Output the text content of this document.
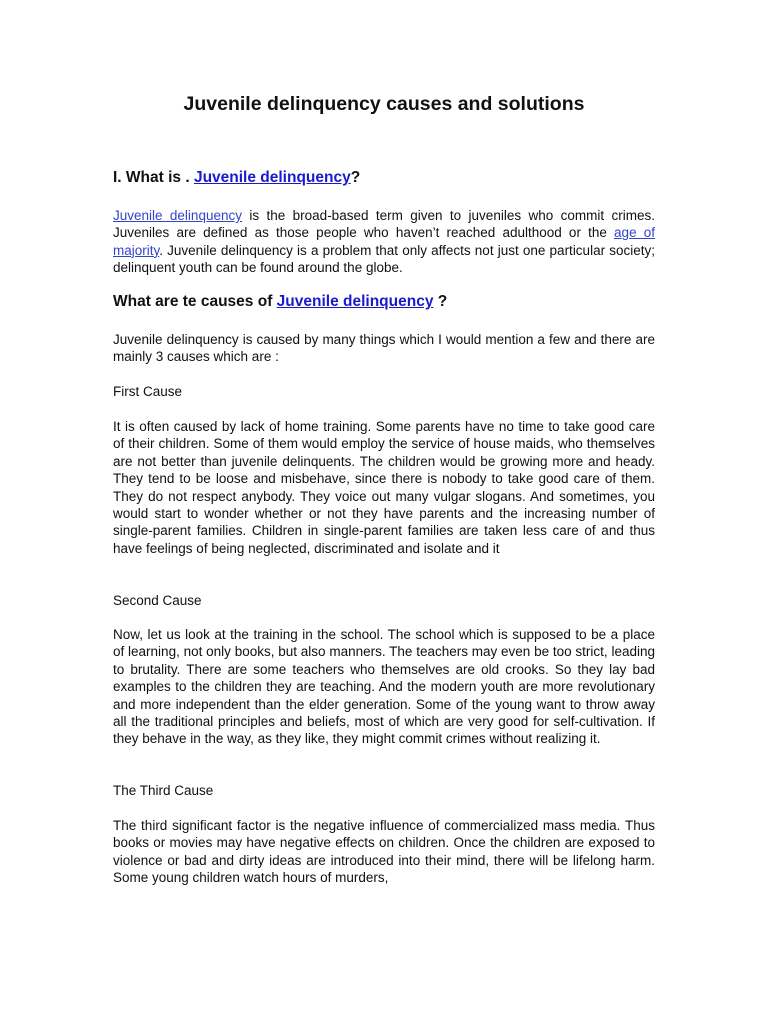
Juvenile delinquency causes and solutions
I. What is . Juvenile delinquency?

Juvenile delinquency is the broad-based term given to juveniles who commit crimes. Juveniles are defined as those people who haven’t reached adulthood or the age of majority. Juvenile delinquency is a problem that only affects not just one particular society; delinquent youth can be found around the globe.

What are te causes of Juvenile delinquency ?

Juvenile delinquency is caused by many things which I would mention a few and there are mainly 3 causes which are :

First Cause

It is often caused by lack of home training. Some parents have no time to take good care of their children. Some of them would employ the service of house maids, who themselves are not better than juvenile delinquents. The children would be growing more and heady. They tend to be loose and misbehave, since there is nobody to take good care of them. They do not respect anybody. They voice out many vulgar slogans. And sometimes, you would start to wonder whether or not they have parents and the increasing number of single-parent families. Children in single-parent families are taken less care of and thus have feelings of being neglected, discriminated and isolate and it

Second Cause

Now, let us look at the training in the school. The school which is supposed to be a place of learning, not only books, but also manners. The teachers may even be too strict, leading to brutality. There are some teachers who themselves are old crooks. So they lay bad examples to the children they are teaching. And the modern youth are more revolutionary and more independent than the elder generation. Some of the young want to throw away all the traditional principles and beliefs, most of which are very good for self-cultivation. If they behave in the way, as they like, they might commit crimes without realizing it.

The Third Cause

The third significant factor is the negative influence of commercialized mass media. Thus books or movies may have negative effects on children. Once the children are exposed to violence or bad and dirty ideas are introduced into their mind, there will be lifelong harm. Some young children watch hours of murders,
